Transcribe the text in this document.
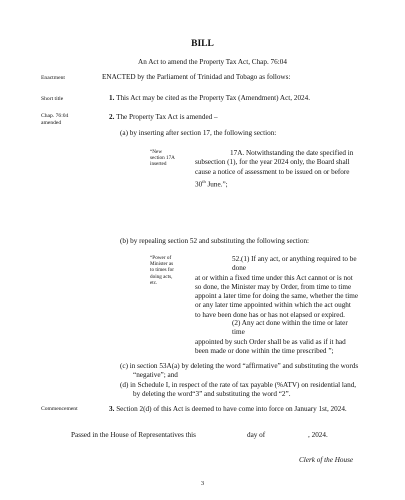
BILL
An Act to amend the Property Tax Act, Chap. 76:04
Enactment	ENACTED by the Parliament of Trinidad and Tobago as follows:
Short title	1. This Act may be cited as the Property Tax (Amendment) Act, 2024.
Chap. 76:04
amended
2. The Property Tax Act is amended –
(a) by inserting after section 17, the following section:
“New
section 17A
inserted
17A. Notwithstanding the date specified in
subsection (1), for the year 2024 only, the Board shall
cause a notice of assessment to be issued on or before
30th June.”;
(b) by repealing section 52 and substituting the following section:
“Power of
Minister as
to times for
doing acts,
etc.
52.(1) If any act, or anything required to be done
at or within a fixed time under this Act cannot or is not
so done, the Minister may by Order, from time to time
appoint a later time for doing the same, whether the time
or any later time appointed within which the act ought
to have been done has or has not elapsed or expired.
(2) Any act done within the time or later time
appointed by such Order shall be as valid as if it had
been made or done within the time prescribed ”;
(c) in section 53A(a) by deleting the word “affirmative” and substituting the words
“negative”; and
(d) in Schedule I, in respect of the rate of tax payable (%ATV) on residential land,
by deleting the word“3” and substituting the word “2”.
Commencement	3. Section 2(d) of this Act is deemed to have come into force on January 1st, 2024.
Passed in the House of Representatives this	day of	, 2024.
Clerk of the House
3
